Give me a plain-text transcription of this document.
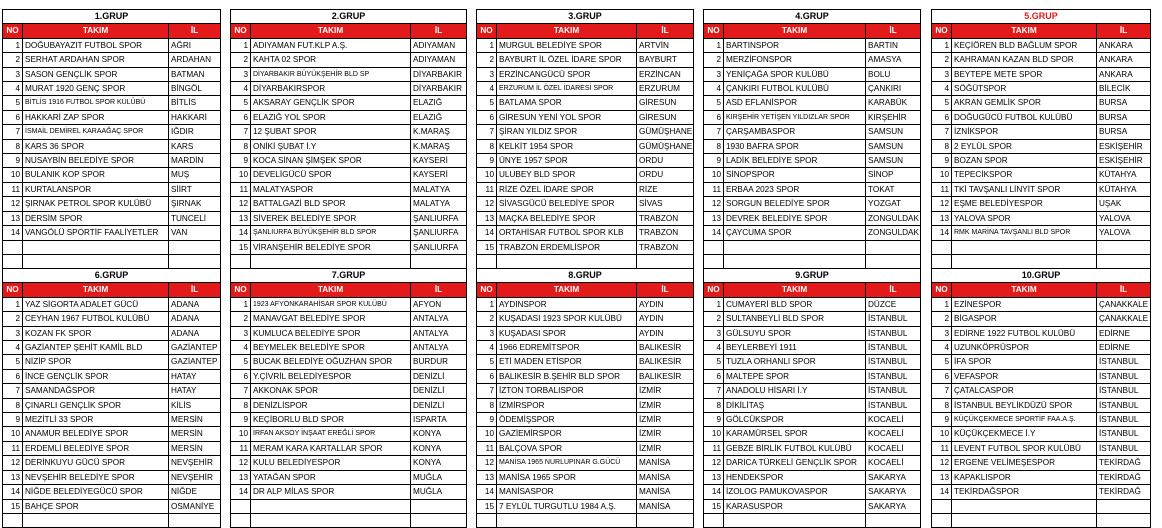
1.GRUP		
NO	TAKIM	İL
1	DOĞUBAYAZIT FUTBOL SPOR	AĞRI
2	SERHAT ARDAHAN SPOR	ARDAHAN
3	SASON GENÇLİK SPOR	BATMAN
4	MURAT 1920 GENÇ SPOR	BİNGÖL
5	BİTLİS 1916 FUTBOL SPOR KULÜBÜ	BİTLİS
6	HAKKARİ ZAP SPOR	HAKKARİ
7	İSMAİL DEMİREL KARAAĞAÇ SPOR	IĞDIR
8	KARS 36 SPOR	KARS
9	NUSAYBİN BELEDİYE SPOR	MARDİN
10	BULANIK KOP SPOR	MUŞ
11	KURTALANSPOR	SİİRT
12	ŞIRNAK PETROL SPOR KULÜBÜ	ŞIRNAK
13	DERSİM SPOR	TUNCELİ
14	VANGÖLÜ SPORTİF FAALİYETLER	VAN

2.GRUP		
NO	TAKIM	İL
1	ADIYAMAN FUT.KLP A.Ş.	ADIYAMAN
2	KAHTA 02 SPOR	ADIYAMAN
3	DİYARBAKIR BÜYÜKŞEHİR BLD SP	DİYARBAKIR
4	DİYARBAKIRSPOR	DİYARBAKIR
5	AKSARAY GENÇLİK SPOR	ELAZIĞ
6	ELAZIĞ YOL SPOR	ELAZIĞ
7	12 ŞUBAT SPOR	K.MARAŞ
8	ONİKİ ŞUBAT İ.Y	K.MARAŞ
9	KOCA SİNAN ŞİMŞEK SPOR	KAYSERİ
10	DEVELİGÜCÜ SPOR	KAYSERİ
11	MALATYASPOR	MALATYA
12	BATTALGAZİ BLD SPOR	MALATYA
13	SİVEREK BELEDİYE SPOR	ŞANLIURFA
14	ŞANLIURFA BÜYÜKŞEHİR BLD SPOR	ŞANLIURFA
15	VİRANŞEHİR BELEDİYE SPOR	ŞANLIURFA

3.GRUP		
NO	TAKIM	İL
1	MURGUL BELEDİYE SPOR	ARTVİN
2	BAYBURT İL ÖZEL İDARE SPOR	BAYBURT
3	ERZİNCANGÜCÜ SPOR	ERZİNCAN
4	ERZURUM İL ÖZEL İDARESİ SPOR	ERZURUM
5	BATLAMA SPOR	GİRESUN
6	GİRESUN YENİ YOL SPOR	GİRESUN
7	ŞİRAN YILDIZ SPOR	GÜMÜŞHANE
8	KELKİT 1954 SPOR	GÜMÜŞHANE
9	ÜNYE 1957 SPOR	ORDU
10	ULUBEY BLD SPOR	ORDU
11	RİZE ÖZEL İDARE SPOR	RİZE
12	SİVASGÜCÜ BELEDİYE SPOR	SİVAS
13	MAÇKA BELEDİYE SPOR	TRABZON
14	ORTAHİSAR FUTBOL SPOR KLB	TRABZON
15	TRABZON ERDEMLİSPOR	TRABZON

4.GRUP		
NO	TAKIM	İL
1	BARTINSPOR	BARTIN
2	MERZİFONSPOR	AMASYA
3	YENİÇAĞA SPOR KULÜBÜ	BOLU
4	ÇANKIRI FUTBOL KULÜBÜ	ÇANKIRI
5	ASD EFLANİSPOR	KARABÜK
6	KIRŞEHİR YETİŞEN YILDIZLAR SPOR	KIRŞEHİR
7	ÇARŞAMBASPOR	SAMSUN
8	1930 BAFRA SPOR	SAMSUN
9	LADİK BELEDİYE SPOR	SAMSUN
10	SİNOPSPOR	SİNOP
11	ERBAA 2023 SPOR	TOKAT
12	SORGUN BELEDİYE SPOR	YOZGAT
13	DEVREK BELEDİYE SPOR	ZONGULDAK
14	ÇAYCUMA SPOR	ZONGULDAK

5.GRUP		
NO	TAKIM	İL
1	KEÇİÖREN BLD BAĞLUM SPOR	ANKARA
2	KAHRAMAN KAZAN BLD SPOR	ANKARA
3	BEYTEPE METE SPOR	ANKARA
4	SÖĞÜTSPOR	BİLECİK
5	AKRAN GEMLİK SPOR	BURSA
6	DOĞUGÜCÜ FUTBOL KULÜBÜ	BURSA
7	İZNİKSPOR	BURSA
8	2 EYLÜL SPOR	ESKİŞEHİR
9	BOZAN SPOR	ESKİŞEHİR
10	TEPECİKSPOR	KÜTAHYA
11	TKİ TAVŞANLI LİNYİT SPOR	KÜTAHYA
12	EŞME BELEDİYESPOR	UŞAK
13	YALOVA SPOR	YALOVA
14	RMK MARİNA TAVŞANLI BLD SPOR	YALOVA

6.GRUP		
NO	TAKIM	İL
1	YAZ SİGORTA ADALET GÜCÜ	ADANA
2	CEYHAN 1967 FUTBOL KULÜBÜ	ADANA
3	KOZAN FK SPOR	ADANA
4	GAZİANTEP ŞEHİT KAMİL BLD	GAZİANTEP
5	NİZİP SPOR	GAZİANTEP
6	İNCE GENÇLİK SPOR	HATAY
7	SAMANDAĞSPOR	HATAY
8	ÇINARLI GENÇLİK SPOR	KİLİS
9	MEZİTLİ 33 SPOR	MERSİN
10	ANAMUR BELEDİYE SPOR	MERSİN
11	ERDEMLİ BELEDİYE SPOR	MERSİN
12	DERİNKUYU GÜCÜ SPOR	NEVŞEHİR
13	NEVŞEHİR BELEDİYE SPOR	NEVŞEHİR
14	NİĞDE BELEDİYEGÜCÜ SPOR	NİĞDE
15	BAHÇE SPOR	OSMANİYE

7.GRUP		
NO	TAKIM	İL
1	1923 AFYONKARAHİSAR SPOR KULÜBÜ	AFYON
2	MANAVGAT BELEDİYE SPOR	ANTALYA
3	KUMLUCA BELEDİYE SPOR	ANTALYA
4	BEYMELEK BELEDİYE SPOR	ANTALYA
5	BUCAK BELEDİYE OĞUZHAN SPOR	BURDUR
6	Y.ÇİVRİL BELEDİYESPOR	DENİZLİ
7	AKKONAK SPOR	DENİZLİ
8	DENİZLİSPOR	DENİZLİ
9	KEÇİBORLU BLD SPOR	ISPARTA
10	İRFAN AKSOY İNŞAAT EREĞLİ SPOR	KONYA
11	MERAM KARA KARTALLAR SPOR	KONYA
12	KULU BELEDİYESPOR	KONYA
13	YATAĞAN SPOR	MUĞLA
14	DR ALP MİLAS SPOR	MUĞLA

8.GRUP		
NO	TAKIM	İL
1	AYDINSPOR	AYDIN
2	KUŞADASI 1923 SPOR KULÜBÜ	AYDIN
3	KUŞADASI SPOR	AYDIN
4	1966 EDREMİTSPOR	BALIKESİR
5	ETİ MADEN ETİSPOR	BALIKESİR
6	BALIKESİR B.ŞEHİR BLD SPOR	BALIKESİR
7	İZTON TORBALISPOR	İZMİR
8	İZMİRSPOR	İZMİR
9	ÖDEMİŞSPOR	İZMİR
10	GAZİEMİRSPOR	İZMİR
11	BALÇOVA SPOR	İZMİR
12	MANİSA 1965 NURLUPINAR G.GÜCÜ	MANİSA
13	MANİSA 1965 SPOR	MANİSA
14	MANİSASPOR	MANİSA
15	7 EYLÜL TURGUTLU 1984 A.Ş.	MANİSA

9.GRUP		
NO	TAKIM	İL
1	CUMAYERİ BLD SPOR	DÜZCE
2	SULTANBEYLİ BLD SPOR	İSTANBUL
3	GÜLSUYU SPOR	İSTANBUL
4	BEYLERBEYİ 1911	İSTANBUL
5	TUZLA ORHANLI SPOR	İSTANBUL
6	MALTEPE SPOR	İSTANBUL
7	ANADOLU HİSARI İ.Y	İSTANBUL
8	DİKİLİTAŞ	İSTANBUL
9	GÖLCÜKSPOR	KOCAELİ
10	KARAMÜRSEL SPOR	KOCAELİ
11	GEBZE BİRLİK FUTBOL KULÜBÜ	KOCAELİ
12	DARICA TÜRKELİ GENÇLİK SPOR	KOCAELİ
13	HENDEKSPOR	SAKARYA
14	İZOLOG PAMUKOVASPOR	SAKARYA
15	KARASUSPOR	SAKARYA

10.GRUP		
NO	TAKIM	İL
1	EZİNESPOR	ÇANAKKALE
2	BİGASPOR	ÇANAKKALE
3	EDİRNE 1922 FUTBOL KULÜBÜ	EDİRNE
4	UZUNKÖPRÜSPOR	EDİRNE
5	İFA SPOR	İSTANBUL
6	VEFASPOR	İSTANBUL
7	ÇATALCASPOR	İSTANBUL
8	İSTANBUL BEYLİKDÜZÜ SPOR	İSTANBUL
9	KÜÇÜKÇEKMECE SPORTİF FAA.A.Ş.	İSTANBUL
10	KÜÇÜKÇEKMECE İ.Y	İSTANBUL
11	LEVENT FUTBOL SPOR KULÜBÜ	İSTANBUL
12	ERGENE VELİMEŞESPOR	TEKİRDAĞ
13	KAPAKLISPOR	TEKİRDAĞ
14	TEKİRDAĞSPOR	TEKİRDAĞ
